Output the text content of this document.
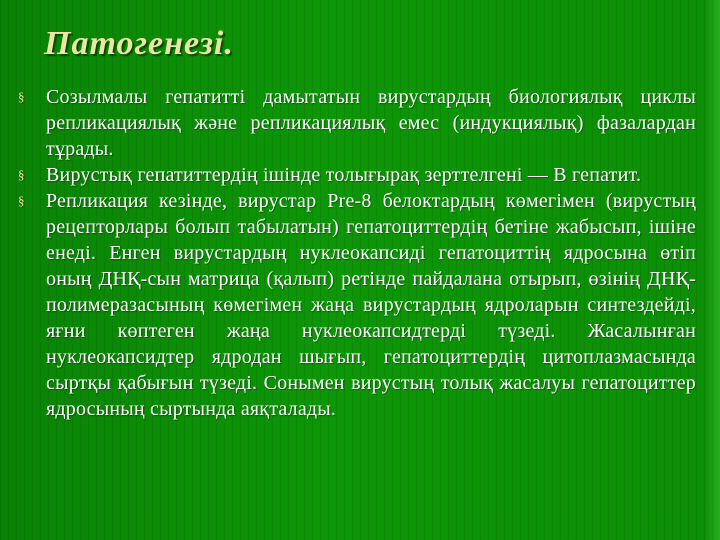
Патогенезі.
§ Созылмалы гепатитті дамытатын вирустардың биологиялық циклы репликациялық және репликациялық емес (индукциялық) фазалардан тұрады.
§ Вирустық гепатиттердің ішінде толығырақ зерттелгені — В гепатит.
§ Репликация кезінде, вирустар Pre-8 белоктардың көмегімен (вирустың рецепторлары болып табылатын) гепатоциттердің бетіне жабысып, ішіне енеді. Енген вирустардың нуклеокапсиді гепатоциттің ядросына өтіп оның ДНҚ-сын матрица (қалып) ретінде пайдалана отырып, өзінің ДНҚ-полимеразасының көмегімен жаңа вирустардың ядроларын синтездейді, яғни көптеген жаңа нуклеокапсидтерді түзеді. Жасалынған нуклеокапсидтер ядродан шығып, гепатоциттердің цитоплазмасында сыртқы қабығын түзеді. Сонымен вирустың толық жасалуы гепатоциттер ядросының сыртында аяқталады.
